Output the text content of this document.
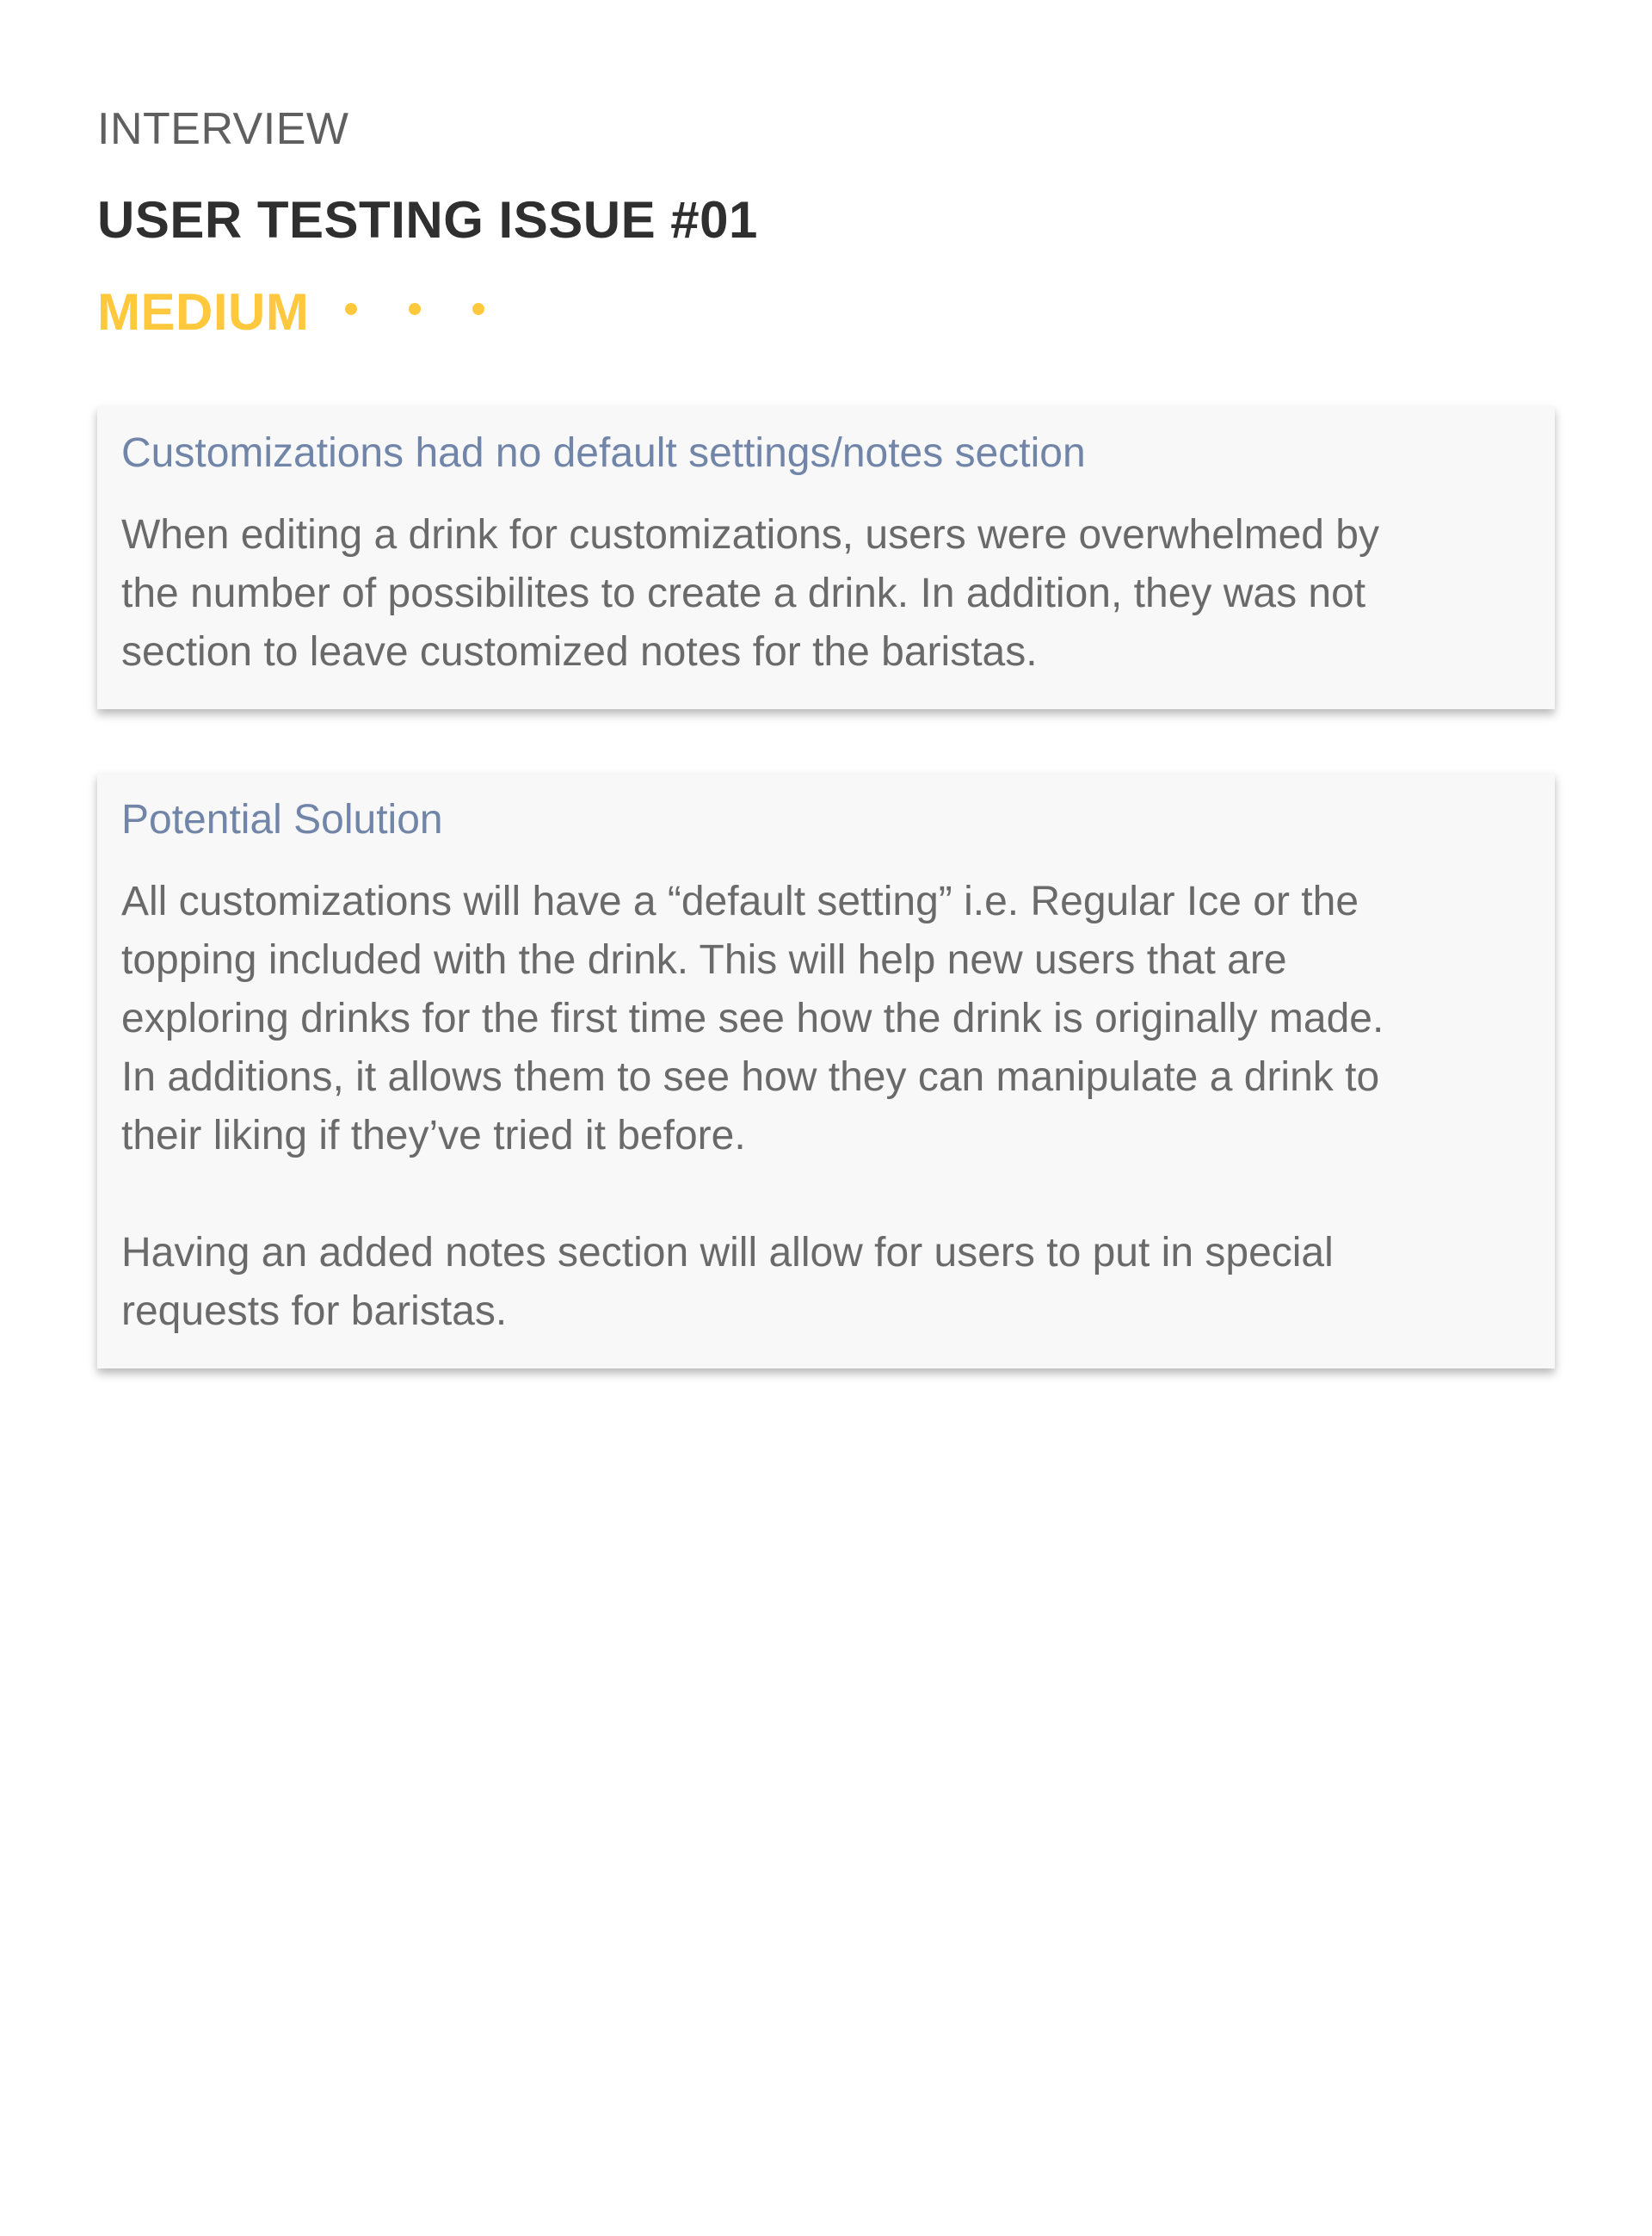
INTERVIEW
USER TESTING ISSUE #01
MEDIUM
Customizations had no default settings/notes section

When editing a drink for customizations, users were overwhelmed by the number of possibilites to create a drink. In addition, they was not section to leave customized notes for the baristas.

Potential Solution

All customizations will have a “default setting” i.e. Regular Ice or the topping included with the drink. This will help new users that are exploring drinks for the first time see how the drink is originally made. In additions, it allows them to see how they can manipulate a drink to their liking if they’ve tried it before.

Having an added notes section will allow for users to put in special requests for baristas.
